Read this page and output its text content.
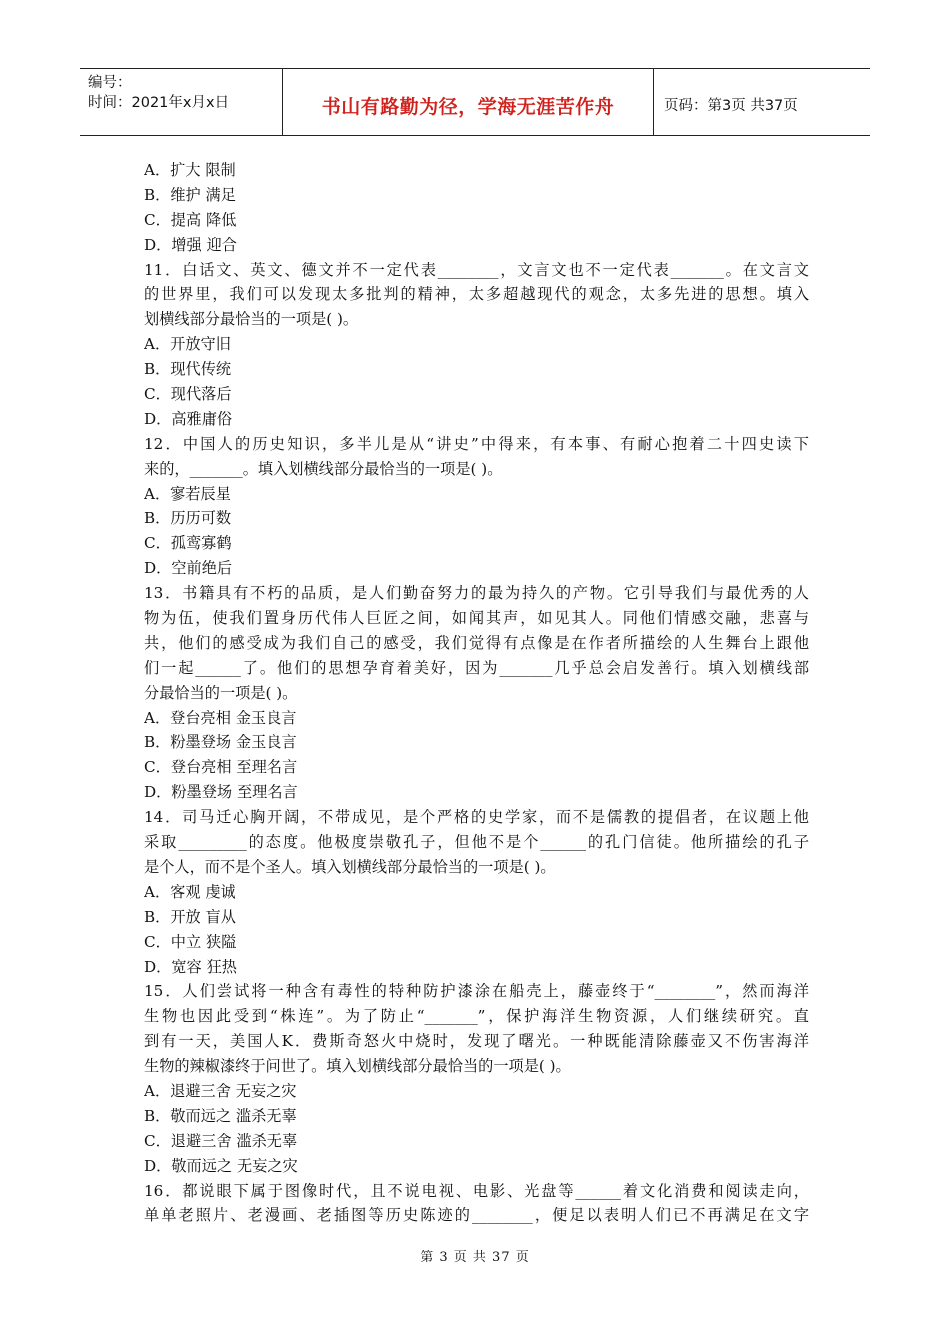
编号：
时间：2021年x月x日	书山有路勤为径，学海无涯苦作舟	页码：第3页 共37页
A．扩大 限制
B．维护 满足
C．提高 降低
D．增强 迎合
11．白话文、英文、德文并不一定代表________，文言文也不一定代表_______。在文言文
的世界里，我们可以发现太多批判的精神，太多超越现代的观念，太多先进的思想。填入
划横线部分最恰当的一项是( )。
A．开放守旧
B．现代传统
C．现代落后
D．高雅庸俗
12．中国人的历史知识，多半儿是从“讲史”中得来，有本事、有耐心抱着二十四史读下
来的，_______。填入划横线部分最恰当的一项是( )。
A．寥若辰星
B．历历可数
C．孤鸾寡鹤
D．空前绝后
13．书籍具有不朽的品质，是人们勤奋努力的最为持久的产物。它引导我们与最优秀的人
物为伍，使我们置身历代伟人巨匠之间，如闻其声，如见其人。同他们情感交融，悲喜与
共，他们的感受成为我们自己的感受，我们觉得有点像是在作者所描绘的人生舞台上跟他
们一起______了。他们的思想孕育着美好，因为_______几乎总会启发善行。填入划横线部
分最恰当的一项是( )。
A．登台亮相 金玉良言
B．粉墨登场 金玉良言
C．登台亮相 至理名言
D．粉墨登场 至理名言
14．司马迁心胸开阔，不带成见，是个严格的史学家，而不是儒教的提倡者，在议题上他
采取_________的态度。他极度崇敬孔子，但他不是个______的孔门信徒。他所描绘的孔子
是个人，而不是个圣人。填入划横线部分最恰当的一项是( )。
A．客观 虔诚
B．开放 盲从
C．中立 狭隘
D．宽容 狂热
15．人们尝试将一种含有毒性的特种防护漆涂在船壳上，藤壶终于“________”，然而海洋
生物也因此受到“株连”。为了防止“_______”，保护海洋生物资源，人们继续研究。直
到有一天，美国人K．费斯奇怒火中烧时，发现了曙光。一种既能清除藤壶又不伤害海洋
生物的辣椒漆终于问世了。填入划横线部分最恰当的一项是( )。
A．退避三舍 无妄之灾
B．敬而远之 滥杀无辜
C．退避三舍 滥杀无辜
D．敬而远之 无妄之灾
16．都说眼下属于图像时代，且不说电视、电影、光盘等______着文化消费和阅读走向，
单单老照片、老漫画、老插图等历史陈迹的________，便足以表明人们已不再满足在文字
第 3 页 共 37 页
